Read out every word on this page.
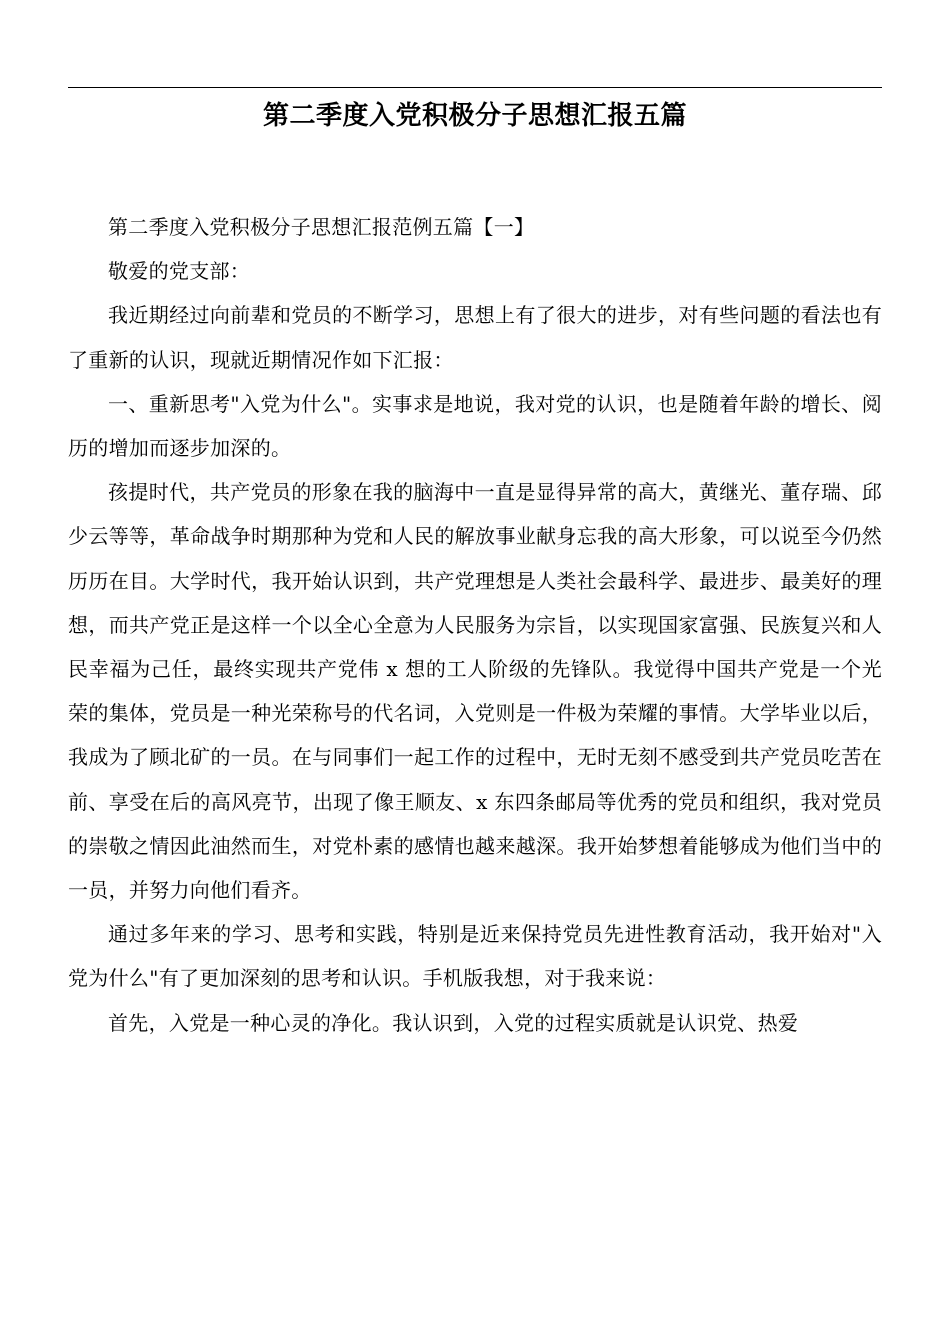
第二季度入党积极分子思想汇报五篇

第二季度入党积极分子思想汇报范例五篇【一】

敬爱的党支部：

我近期经过向前辈和党员的不断学习，思想上有了很大的进步，对有些问题的看法也有了重新的认识，现就近期情况作如下汇报：

一、重新思考"入党为什么"。实事求是地说，我对党的认识，也是随着年龄的增长、阅历的增加而逐步加深的。

孩提时代，共产党员的形象在我的脑海中一直是显得异常的高大，黄继光、董存瑞、邱少云等等，革命战争时期那种为党和人民的解放事业献身忘我的高大形象，可以说至今仍然历历在目。大学时代，我开始认识到，共产党理想是人类社会最科学、最进步、最美好的理想，而共产党正是这样一个以全心全意为人民服务为宗旨，以实现国家富强、民族复兴和人民幸福为己任，最终实现共产党伟 x 想的工人阶级的先锋队。我觉得中国共产党是一个光荣的集体，党员是一种光荣称号的代名词，入党则是一件极为荣耀的事情。大学毕业以后，我成为了顾北矿的一员。在与同事们一起工作的过程中，无时无刻不感受到共产党员吃苦在前、享受在后的高风亮节，出现了像王顺友、x 东四条邮局等优秀的党员和组织，我对党员的崇敬之情因此油然而生，对党朴素的感情也越来越深。我开始梦想着能够成为他们当中的一员，并努力向他们看齐。

通过多年来的学习、思考和实践，特别是近来保持党员先进性教育活动，我开始对"入党为什么"有了更加深刻的思考和认识。手机版我想，对于我来说：

首先，入党是一种心灵的净化。我认识到，入党的过程实质就是认识党、热爱
